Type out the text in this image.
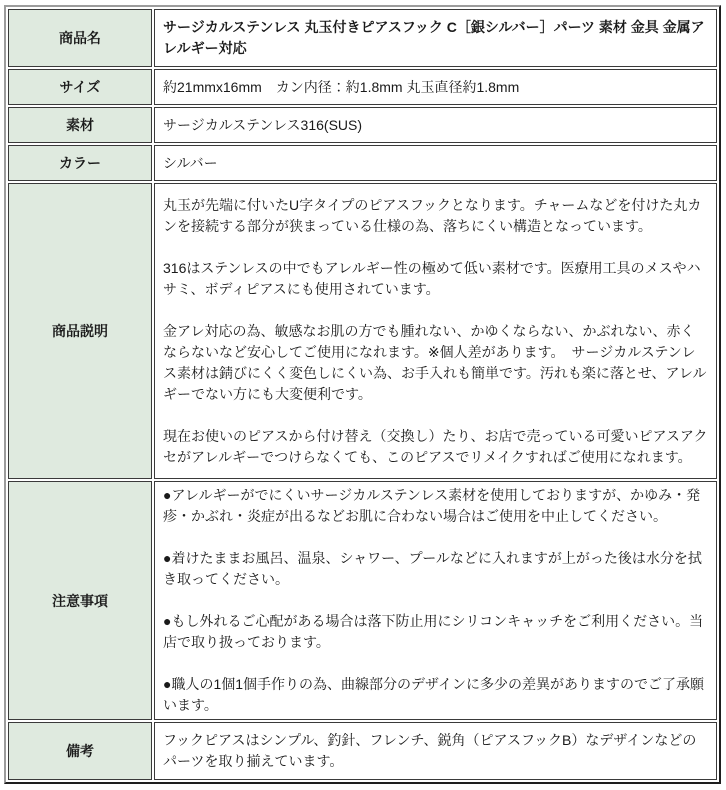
商品名	サージカルステンレス 丸玉付きピアスフック C［銀シルバー］パーツ 素材 金具 金属アレルギー対応
サイズ	約21mmx16mm　カン内径：約1.8mm 丸玉直径約1.8mm
素材	サージカルステンレス316(SUS)
カラー	シルバー
商品説明	丸玉が先端に付いたU字タイプのピアスフックとなります。チャームなどを付けた丸カンを接続する部分が狭まっている仕様の為、落ちにくい構造となっています。

316はステンレスの中でもアレルギー性の極めて低い素材です。医療用工具のメスやハサミ、ボディピアスにも使用されています。

金アレ対応の為、敏感なお肌の方でも腫れない、かゆくならない、かぶれない、赤くならないなど安心してご使用になれます。※個人差があります。　サージカルステンレス素材は錆びにくく変色しにくい為、お手入れも簡単です。汚れも楽に落とせ、アレルギーでない方にも大変便利です。

現在お使いのピアスから付け替え（交換し）たり、お店で売っている可愛いピアスアクセがアレルギーでつけらなくても、このピアスでリメイクすればご使用になれます。

注意事項	●アレルギーがでにくいサージカルステンレス素材を使用しておりますが、かゆみ・発疹・かぶれ・炎症が出るなどお肌に合わない場合はご使用を中止してください。

●着けたままお風呂、温泉、シャワー、プールなどに入れますが上がった後は水分を拭き取ってください。

●もし外れるご心配がある場合は落下防止用にシリコンキャッチをご利用ください。当店で取り扱っております。

●職人の1個1個手作りの為、曲線部分のデザインに多少の差異がありますのでご了承願います。

備考	フックピアスはシンプル、釣針、フレンチ、鋭角（ピアスフックB）なデザインなどのパーツを取り揃えています。
